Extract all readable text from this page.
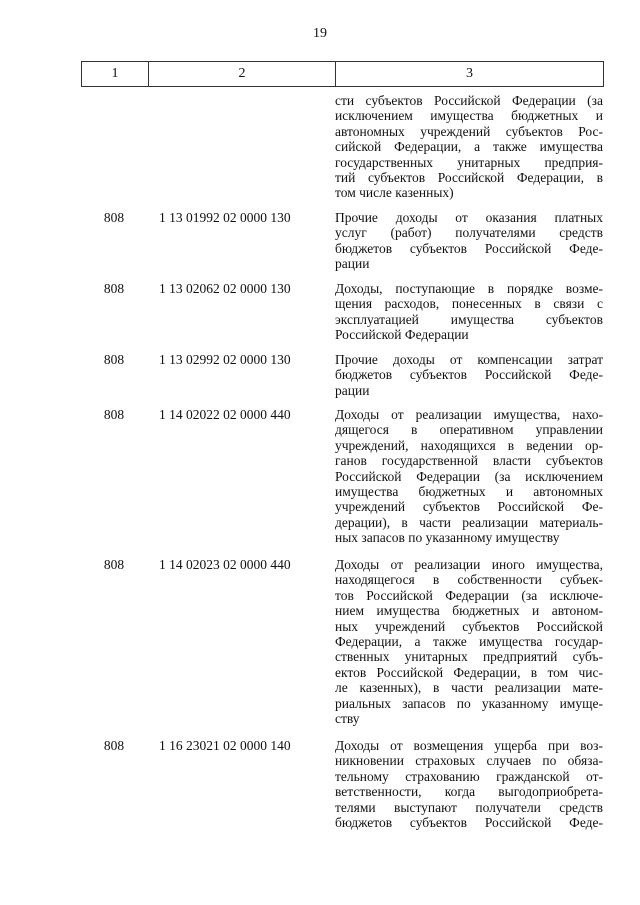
19
1	2	3
сти субъектов Российской Федерации (за
исключением имущества бюджетных и
автономных учреждений субъектов Рос-
сийской Федерации, а также имущества
государственных унитарных предприя-
тий субъектов Российской Федерации, в
том числе казенных)
808	1 13 01992 02 0000 130	Прочие доходы от оказания платных
услуг (работ) получателями средств
бюджетов субъектов Российской Феде-
рации
808	1 13 02062 02 0000 130	Доходы, поступающие в порядке возме-
щения расходов, понесенных в связи с
эксплуатацией имущества субъектов
Российской Федерации
808	1 13 02992 02 0000 130	Прочие доходы от компенсации затрат
бюджетов субъектов Российской Феде-
рации
808	1 14 02022 02 0000 440	Доходы от реализации имущества, нахо-
дящегося в оперативном управлении
учреждений, находящихся в ведении ор-
ганов государственной власти субъектов
Российской Федерации (за исключением
имущества бюджетных и автономных
учреждений субъектов Российской Фе-
дерации), в части реализации материаль-
ных запасов по указанному имуществу
808	1 14 02023 02 0000 440	Доходы от реализации иного имущества,
находящегося в собственности субъек-
тов Российской Федерации (за исключе-
нием имущества бюджетных и автоном-
ных учреждений субъектов Российской
Федерации, а также имущества государ-
ственных унитарных предприятий субъ-
ектов Российской Федерации, в том чис-
ле казенных), в части реализации мате-
риальных запасов по указанному имуще-
ству
808	1 16 23021 02 0000 140	Доходы от возмещения ущерба при воз-
никновении страховых случаев по обяза-
тельному страхованию гражданской от-
ветственности, когда выгодоприобрета-
телями выступают получатели средств
бюджетов субъектов Российской Феде-
